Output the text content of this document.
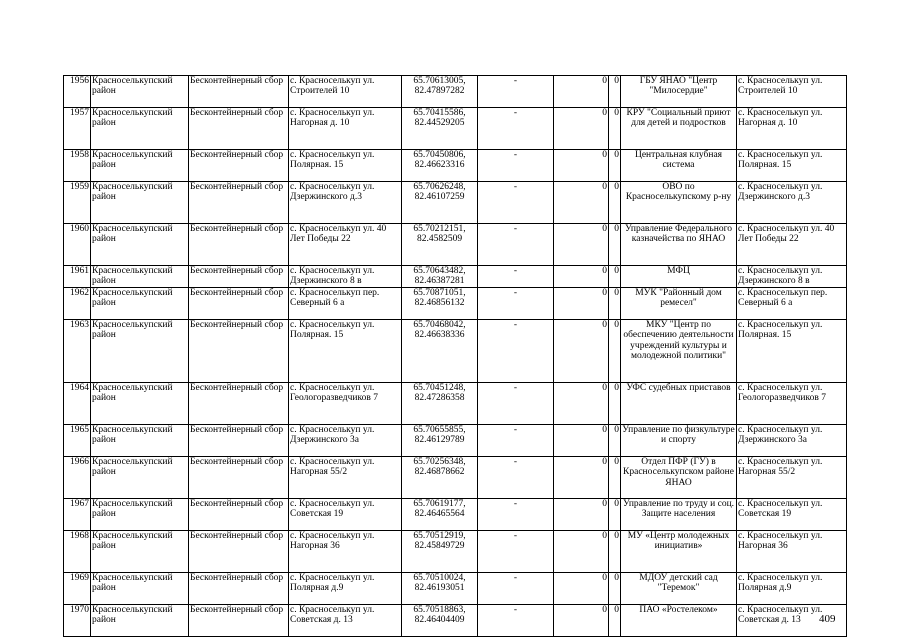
1956	Красноселькупский район	Бесконтейнерный сбор	с. Красноселькуп ул. Строителей 10	65.70613005, 82.47897282	-	0	0	ГБУ ЯНАО "Центр "Милосердие"	с. Красноселькуп ул. Строителей 10
1957	Красноселькупский район	Бесконтейнерный сбор	с. Красноселькуп ул. Нагорная д. 10	65.70415586, 82.44529205	-	0	0	КРУ "Социальный приют для детей и подростков	с. Красноселькуп ул. Нагорная д. 10
1958	Красноселькупский район	Бесконтейнерный сбор	с. Красноселькуп ул. Полярная. 15	65.70450806, 82.46623316	-	0	0	Центральная клубная система	с. Красноселькуп ул. Полярная. 15
1959	Красноселькупский район	Бесконтейнерный сбор	с. Красноселькуп ул. Дзержинского д.3	65.70626248, 82.46107259	-	0	0	ОВО по Красноселькупскому р-ну	с. Красноселькуп ул. Дзержинского д.3
1960	Красноселькупский район	Бесконтейнерный сбор	с. Красноселькуп ул. 40 Лет Победы 22	65.70212151, 82.4582509	-	0	0	Управление Федерального казначейства по ЯНАО	с. Красноселькуп ул. 40 Лет Победы 22
1961	Красноселькупский район	Бесконтейнерный сбор	с. Красноселькуп ул. Дзержинского 8 в	65.70643482, 82.46387281	-	0	0	МФЦ	с. Красноселькуп ул. Дзержинского 8 в
1962	Красноселькупский район	Бесконтейнерный сбор	с. Красноселькуп пер. Северный 6 а	65.70871051, 82.46856132	-	0	0	МУК "Районный дом ремесел"	с. Красноселькуп пер. Северный 6 а
1963	Красноселькупский район	Бесконтейнерный сбор	с. Красноселькуп ул. Полярная. 15	65.70468042, 82.46638336	-	0	0	МКУ "Центр по обеспечению деятельности учреждений культуры и молодежной политики"	с. Красноселькуп ул. Полярная. 15
1964	Красноселькупский район	Бесконтейнерный сбор	с. Красноселькуп ул. Геологоразведчиков 7	65.70451248, 82.47286358	-	0	0	УФС судебных приставов	с. Красноселькуп ул. Геологоразведчиков 7
1965	Красноселькупский район	Бесконтейнерный сбор	с. Красноселькуп ул. Дзержинского 3а	65.70655855, 82.46129789	-	0	0	Управление по физкультуре и спорту	с. Красноселькуп ул. Дзержинского 3а
1966	Красноселькупский район	Бесконтейнерный сбор	с. Красноселькуп ул. Нагорная 55/2	65.70256348, 82.46878662	-	0	0	Отдел ПФР (ГУ) в Красноселькупском районе ЯНАО	с. Красноселькуп ул. Нагорная 55/2
1967	Красноселькупский район	Бесконтейнерный сбор	с. Красноселькуп ул. Советская 19	65.70619177, 82.46465564	-	0	0	Управление по труду и соц. Защите населения	с. Красноселькуп ул. Советская 19
1968	Красноселькупский район	Бесконтейнерный сбор	с. Красноселькуп ул. Нагорная 36	65.70512919, 82.45849729	-	0	0	МУ «Центр молодежных инициатив»	с. Красноселькуп ул. Нагорная 36
1969	Красноселькупский район	Бесконтейнерный сбор	с. Красноселькуп ул. Полярная д.9	65.70510024, 82.46193051	-	0	0	МДОУ детский сад "Теремок"	с. Красноселькуп ул. Полярная д.9
1970	Красноселькупский район	Бесконтейнерный сбор	с. Красноселькуп ул. Советская д. 13	65.70518863, 82.46404409	-	0	0	ПАО «Ростелеком»	с. Красноселькуп ул. Советская д. 13 409
